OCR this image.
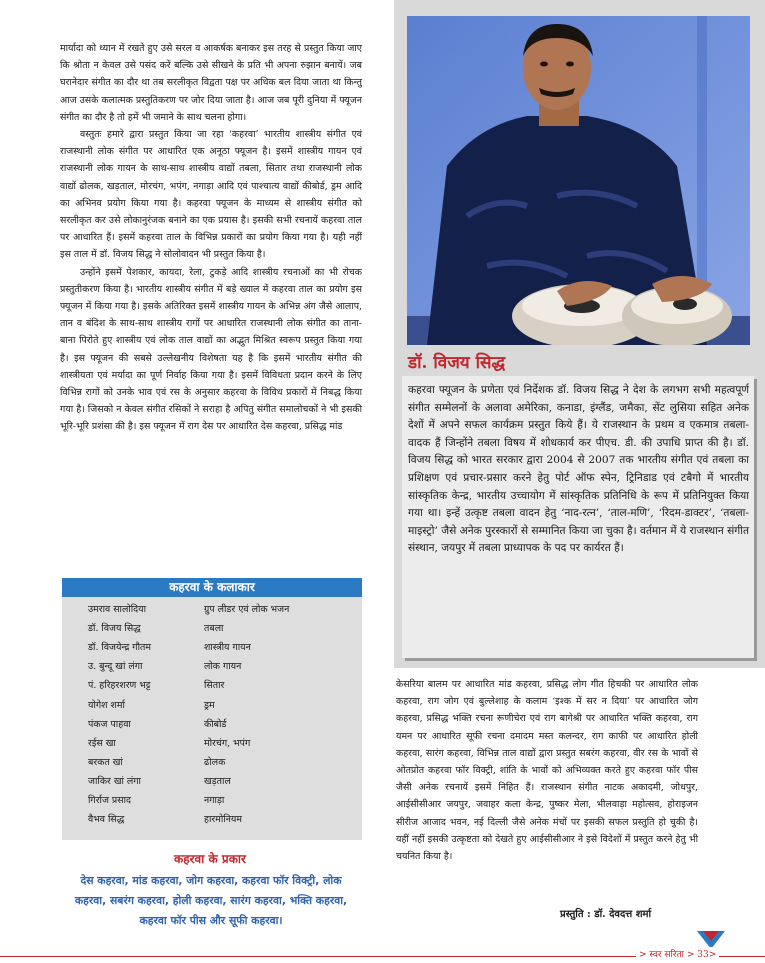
मार्यादा को ध्यान में रखते हुए उसे सरल व आकर्षक बनाकर इस तरह से प्रस्तुत किया जाए कि श्रोता न केवल उसे पसंद करें बल्कि उसे सीखने के प्रति भी अपना रुझान बनायें। जब घरानेदार संगीत का दौर था तब सरलीकृत विद्वता पक्ष पर अधिक बल दिया जाता था किन्तु आज उसके कलात्मक प्रस्तुतिकरण पर जोर दिया जाता है। आज जब पूरी दुनिया में फ्यूजन संगीत का दौर है तो हमें भी जमाने के साथ चलना होगा।

वस्तुतः हमारे द्वारा प्रस्तुत किया जा रहा ‘कहरवा’ भारतीय शास्त्रीय संगीत एवं राजस्थानी लोक संगीत पर आधारित एक अनूठा फ्यूजन है। इसमें शास्त्रीय गायन एवं राजस्थानी लोक गायन के साथ-साथ शास्त्रीय वाद्यों तबला, सितार तथा राजस्थानी लोक वाद्यों ढोलक, खड़ताल, मोरचंग, भपंग, नगाड़ा आदि एवं पाश्चात्य वाद्यों कीबोर्ड, ड्रम आदि का अभिनव प्रयोग किया गया है। कहरवा फ्यूजन के माध्यम से शास्त्रीय संगीत को सरलीकृत कर उसे लोकानुरंजक बनाने का एक प्रयास है। इसकी सभी रचनायें कहरवा ताल पर आधारित हैं। इसमें कहरवा ताल के विभिन्न प्रकारों का प्रयोग किया गया है। यही नहीं इस ताल में डॉ. विजय सिद्ध ने सोलोवादन भी प्रस्तुत किया है।

उन्होंने इसमें पेशकार, कायदा, रेला, टुकड़े आदि शास्त्रीय रचनाओं का भी रोचक प्रस्तुतीकरण किया है। भारतीय शास्त्रीय संगीत में बड़े ख्याल में कहरवा ताल का प्रयोग इस फ्यूजन में किया गया है। इसके अतिरिक्त इसमें शास्त्रीय गायन के अभिन्न अंग जैसे आलाप, तान व बंदिश के साथ-साथ शास्त्रीय रागों पर आधारित राजस्थानी लोक संगीत का ताना-बाना पिरोते हुए शास्त्रीय एवं लोक ताल वाद्यों का अद्भुत मिश्रित स्वरूप प्रस्तुत किया गया है। इस फ्यूजन की सबसे उल्लेखनीय विशेषता यह है कि इसमें भारतीय संगीत की शास्त्रीयता एवं मर्यादा का पूर्ण निर्वाह किया गया है। इसमें विविधता प्रदान करने के लिए विभिन्न रागों को उनके भाव एवं रस के अनुसार कहरवा के विविध प्रकारों में निबद्ध किया गया है। जिसको न केवल संगीत रसिकों ने सराहा है अपितु संगीत समालोचकों ने भी इसकी भूरि-भूरि प्रशंसा की है। इस फ्यूजन में राग देस पर आधारित देस कहरवा, प्रसिद्ध मांड

कहरवा के कलाकार
उमराव सालोदिया	ग्रुप लीडर एवं लोक भजन
डॉ. विजय सिद्ध	तबला
डॉ. विजयेन्द्र गौतम	शास्त्रीय गायन
उ. बुन्दू खां लंगा	लोक गायन
पं. हरिहरशरण भट्ट	सितार
योगेश शर्मा	ड्रम
पंकज पाहवा	कीबोर्ड
रईस खा	मोरचंग, भपंग
बरकत खां	ढोलक
जाकिर खां लंगा	खड़ताल
गिर्राज प्रसाद	नगाड़ा
वैभव सिद्ध	हारमोनियम

कहरवा के प्रकार

देस कहरवा, मांड कहरवा, जोग कहरवा, कहरवा फॉर विक्ट्री, लोक कहरवा, सबरंग कहरवा, होली कहरवा, सारंग कहरवा, भक्ति कहरवा, कहरवा फॉर पीस और सूफी कहरवा।

डॉ. विजय सिद्ध

कहरवा फ्यूजन के प्रणेता एवं निर्देशक डॉ. विजय सिद्ध ने देश के लगभग सभी महत्वपूर्ण संगीत सम्मेलनों के अलावा अमेरिका, कनाडा, इंग्लैंड, जमैका, सेंट लुसिया सहित अनेक देशों में अपने सफल कार्यक्रम प्रस्तुत किये हैं। ये राजस्थान के प्रथम व एकमात्र तबला-वादक हैं जिन्होंने तबला विषय में शोधकार्य कर पीएच. डी. की उपाधि प्राप्त की है। डॉ. विजय सिद्ध को भारत सरकार द्वारा 2004 से 2007 तक भारतीय संगीत एवं तबला का प्रशिक्षण एवं प्रचार-प्रसार करने हेतु पोर्ट ऑफ स्पेन, ट्रिनिडाड एवं टबैगो में भारतीय सांस्कृतिक केन्द्र, भारतीय उच्चायोग में सांस्कृतिक प्रतिनिधि के रूप में प्रतिनियुक्त किया गया था। इन्हें उत्कृष्ट तबला वादन हेतु ‘नाद-रत्न’, ‘ताल-मणि’, ‘रिदम-डाक्टर’, ‘तबला-माइस्ट्रो’ जैसे अनेक पुरस्कारों से सम्मानित किया जा चुका है। वर्तमान में ये राजस्थान संगीत संस्थान, जयपुर में तबला प्राध्यापक के पद पर कार्यरत हैं।

केसरिया बालम पर आधारित मांड कहरवा, प्रसिद्ध लोग गीत हिचकी पर आधारित लोक कहरवा, राग जोग एवं बुल्लेशाह के कलाम ‘इश्क में सर न दिया’ पर आधारित जोग कहरवा, प्रसिद्ध भक्ति रचना रूणीचेरा एवं राग बागेश्री पर आधारित भक्ति कहरवा, राग यमन पर आधारित सूफी रचना दमादम मस्त कलन्दर, राग काफी पर आधारित होली कहरवा, सारंग कहरवा, विभिन्न ताल वाद्यों द्वारा प्रस्तुत सबरंग कहरवा, वीर रस के भावों से ओतप्रोत कहरवा फॉर विक्ट्री, शांति के भावों को अभिव्यक्त करते हुए कहरवा फॉर पीस जैसी अनेक रचनायें इसमें निहित हैं। राजस्थान संगीत नाटक अकादमी, जोधपुर, आईसीसीआर जयपुर, जवाहर कला केन्द्र, पुष्कर मेला, भीलवाड़ा महोत्सव, होराइजन सीरीज आजाद भवन, नई दिल्ली जैसे अनेक मंचों पर इसकी सफल प्रस्तुति हो चुकी है। यहीं नहीं इसकी उत्कृष्टता को देखते हुए आईसीसीआर ने इसे विदेशों में प्रस्तुत करने हेतु भी चयनित किया है।

प्रस्तुति : डॉ. देवदत्त शर्मा

> स्वर सरिता > 33>
